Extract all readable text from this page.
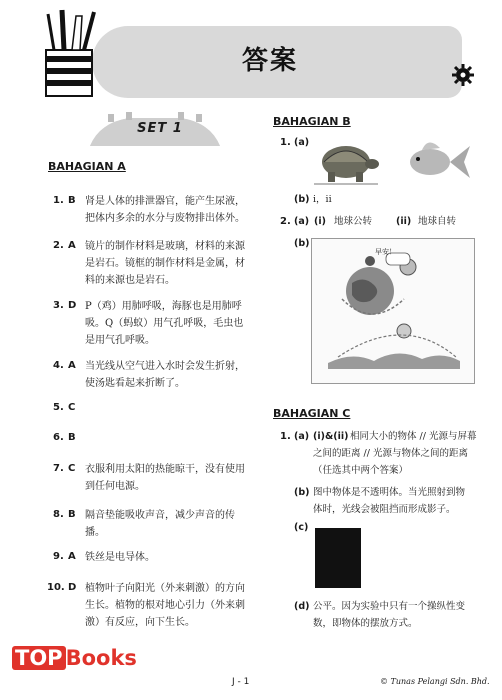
答案
SET 1
BAHAGIAN A
1. B 肾是人体的排泄器官，能产生尿液，
把体内多余的水分与废物排出体外。
2. A 镜片的制作材料是玻璃，材料的来源
是岩石。镜框的制作材料是金属，材
料的来源也是岩石。
3. D P（鸡）用肺呼吸，海豚也是用肺呼
吸。Q（蚂蚁）用气孔呼吸，毛虫也
是用气孔呼吸。
4. A 当光线从空气进入水时会发生折射，
使汤匙看起来折断了。
5. C
6. B
7. C 衣服利用太阳的热能晾干，没有使用
到任何电源。
8. B 隔音垫能吸收声音，减少声音的传
播。
9. A 铁丝是电导体。
10. D 植物叶子向阳光（外来刺激）的方向
生长。植物的根对地心引力（外来刺
激）有反应，向下生长。
BAHAGIAN B
1. (a)
(b) i，ii
2. (a) (i) 地球公转	(ii) 地球自转
(b)
早安！
BAHAGIAN C
1. (a) (i)&(ii) 相同大小的物体 // 光源与屏幕
之间的距离 // 光源与物体之间的距离
（任选其中两个答案）
(b) 图中物体是不透明体。当光照射到物
体时，光线会被阻挡而形成影子。
(c)
(d) 公平。因为实验中只有一个操纵性变
数，即物体的摆放方式。
TOP Books
J - 1	© Tunas Pelangi Sdn. Bhd.
